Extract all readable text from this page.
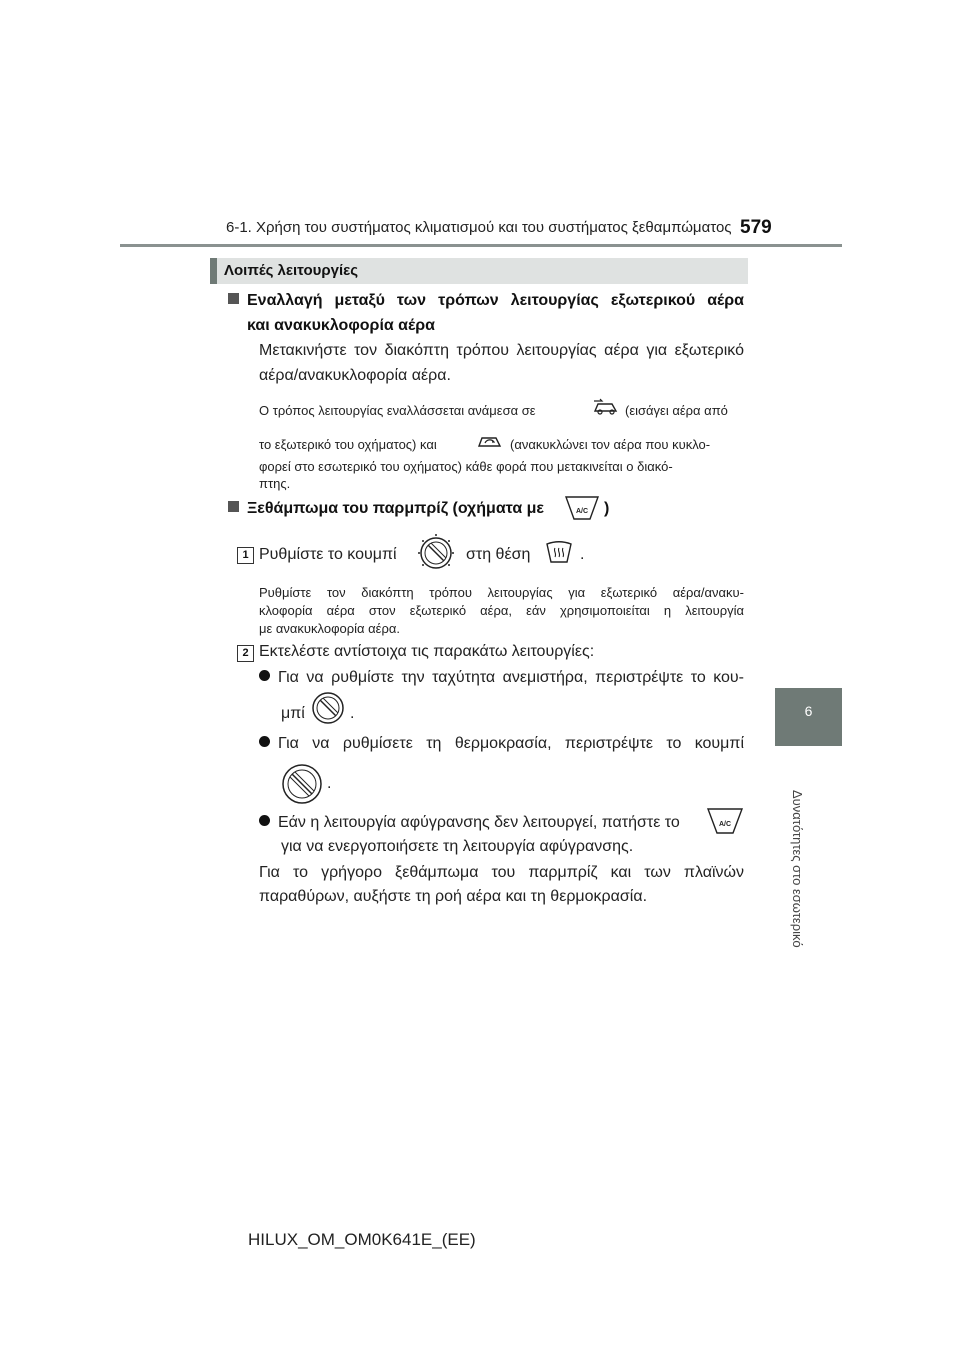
6-1. Χρήση του συστήματος κλιματισμού και του συστήματος ξεθαμπώματος 579
6
Δυνατότητες στο εσωτερικό
Λοιπές λειτουργίες
Εναλλαγή μεταξύ των τρόπων λειτουργίας εξωτερικού αέρα
και ανακυκλοφορία αέρα
Μετακινήστε τον διακόπτη τρόπου λειτουργίας αέρα για εξωτερικό
αέρα/ανακυκλοφορία αέρα.
Ο τρόπος λειτουργίας εναλλάσσεται ανάμεσα σε	(εισάγει αέρα από
το εξωτερικό του οχήματος) και	(ανακυκλώνει τον αέρα που κυκλο-
φορεί στο εσωτερικό του οχήματος) κάθε φορά που μετακινείται ο διακό-
πτης.
Ξεθάμπωμα του παρμπρίζ (οχήματα με	A/C )
1 Ρυθμίστε το κουμπί	στη θέση	.
Ρυθμίστε τον διακόπτη τρόπου λειτουργίας για εξωτερικό αέρα/ανακυ-
κλοφορία αέρα στον εξωτερικό αέρα, εάν χρησιμοποιείται η λειτουργία
με ανακυκλοφορία αέρα.
2 Εκτελέστε αντίστοιχα τις παρακάτω λειτουργίες:
Για να ρυθμίστε την ταχύτητα ανεμιστήρα, περιστρέψτε το κου-
μπί	.
Για να ρυθμίσετε τη θερμοκρασία, περιστρέψτε το κουμπί
.
Εάν η λειτουργία αφύγρανσης δεν λειτουργεί, πατήστε το	A/C
για να ενεργοποιήσετε τη λειτουργία αφύγρανσης.
Για το γρήγορο ξεθάμπωμα του παρμπρίζ και των πλαϊνών
παραθύρων, αυξήστε τη ροή αέρα και τη θερμοκρασία.
HILUX_OM_OM0K641E_(EE)
